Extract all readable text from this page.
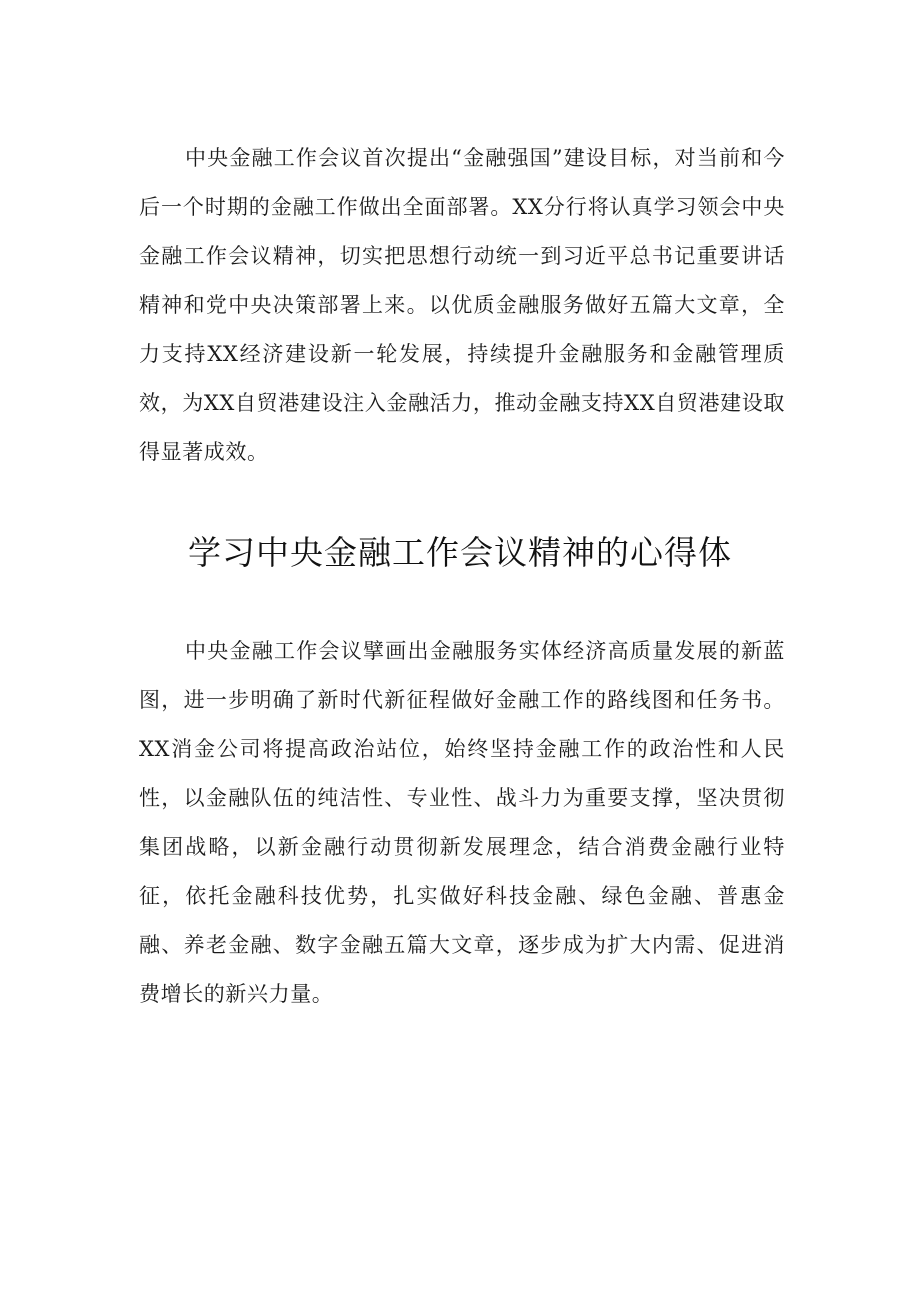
中央金融工作会议首次提出“金融强国”建设目标，对当前和今后一个时期的金融工作做出全面部署。XX分行将认真学习领会中央金融工作会议精神，切实把思想行动统一到习近平总书记重要讲话精神和党中央决策部署上来。以优质金融服务做好五篇大文章，全力支持XX经济建设新一轮发展，持续提升金融服务和金融管理质效，为XX自贸港建设注入金融活力，推动金融支持XX自贸港建设取得显著成效。

学习中央金融工作会议精神的心得体

中央金融工作会议擘画出金融服务实体经济高质量发展的新蓝图，进一步明确了新时代新征程做好金融工作的路线图和任务书。XX消金公司将提高政治站位，始终坚持金融工作的政治性和人民性，以金融队伍的纯洁性、专业性、战斗力为重要支撑，坚决贯彻集团战略，以新金融行动贯彻新发展理念，结合消费金融行业特征，依托金融科技优势，扎实做好科技金融、绿色金融、普惠金融、养老金融、数字金融五篇大文章，逐步成为扩大内需、促进消费增长的新兴力量。
